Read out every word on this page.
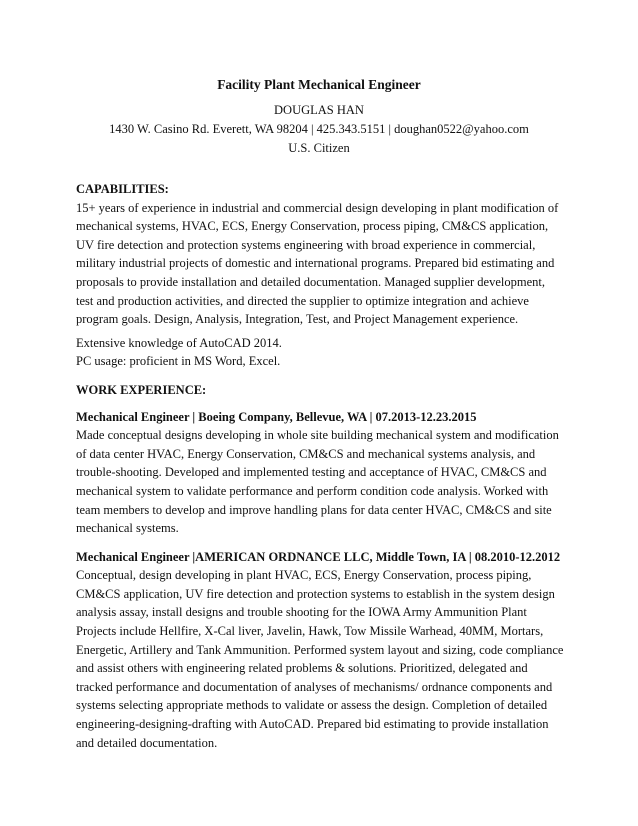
Facility Plant Mechanical Engineer

DOUGLAS HAN

1430 W. Casino Rd. Everett, WA 98204 | 425.343.5151 | doughan0522@yahoo.com

U.S. Citizen

CAPABILITIES:

15+ years of experience in industrial and commercial design developing in plant modification of
mechanical systems, HVAC, ECS, Energy Conservation, process piping, CM&CS application,
UV fire detection and protection systems engineering with broad experience in commercial,
military industrial projects of domestic and international programs. Prepared bid estimating and
proposals to provide installation and detailed documentation. Managed supplier development,
test and production activities, and directed the supplier to optimize integration and achieve
program goals. Design, Analysis, Integration, Test, and Project Management experience.
Extensive knowledge of AutoCAD 2014.
PC usage: proficient in MS Word, Excel.

WORK EXPERIENCE:

Mechanical Engineer | Boeing Company, Bellevue, WA | 07.2013-12.23.2015
Made conceptual designs developing in whole site building mechanical system and modification
of data center HVAC, Energy Conservation, CM&CS and mechanical systems analysis, and
trouble-shooting. Developed and implemented testing and acceptance of HVAC, CM&CS and
mechanical system to validate performance and perform condition code analysis. Worked with
team members to develop and improve handling plans for data center HVAC, CM&CS and site
mechanical systems.
Mechanical Engineer |AMERICAN ORDNANCE LLC, Middle Town, IA | 08.2010-12.2012
Conceptual, design developing in plant HVAC, ECS, Energy Conservation, process piping,
CM&CS application, UV fire detection and protection systems to establish in the system design
analysis assay, install designs and trouble shooting for the IOWA Army Ammunition Plant
Projects include Hellfire, X-Cal liver, Javelin, Hawk, Tow Missile Warhead, 40MM, Mortars,
Energetic, Artillery and Tank Ammunition. Performed system layout and sizing, code compliance
and assist others with engineering related problems & solutions. Prioritized, delegated and
tracked performance and documentation of analyses of mechanisms/ ordnance components and
systems selecting appropriate methods to validate or assess the design. Completion of detailed
engineering-designing-drafting with AutoCAD. Prepared bid estimating to provide installation
and detailed documentation.
